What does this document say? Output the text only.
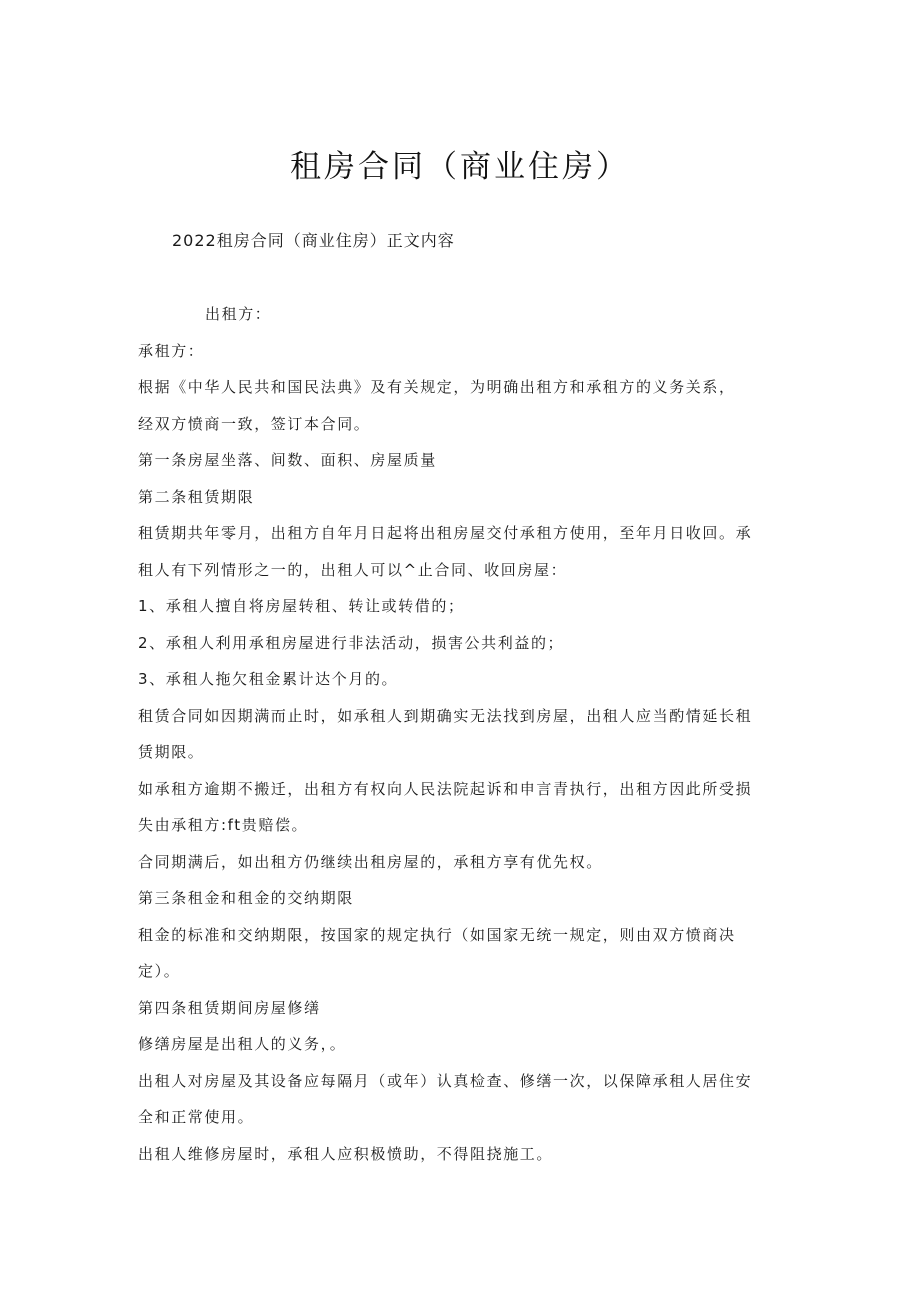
租房合同（商业住房）
2022租房合同（商业住房）正文内容
出租方：
承租方：
根据《中华人民共和国民法典》及有关规定，为明确出租方和承租方的义务关系，
经双方愤商一致，签订本合同。
第一条房屋坐落、间数、面积、房屋质量
第二条租赁期限
租赁期共年零月，出租方自年月日起将出租房屋交付承租方使用，至年月日收回。承
租人有下列情形之一的，出租人可以^止合同、收回房屋：
1、承租人擅自将房屋转租、转让或转借的；
2、承租人利用承租房屋进行非法活动，损害公共利益的；
3、承租人拖欠租金累计达个月的。
租赁合同如因期满而止时，如承租人到期确实无法找到房屋，出租人应当酌情延长租
赁期限。
如承租方逾期不搬迁，出租方有权向人民法院起诉和申言青执行，出租方因此所受损
失由承租方:ft贵赔偿。
合同期满后，如出租方仍继续出租房屋的，承租方享有优先权。
第三条租金和租金的交纳期限
租金的标准和交纳期限，按国家的规定执行（如国家无统一规定，则由双方愤商决
定）。
第四条租赁期间房屋修缮
修缮房屋是出租人的义务，。
出租人对房屋及其设备应每隔月（或年）认真检查、修缮一次，以保障承租人居住安
全和正常使用。
出租人维修房屋时，承租人应积极愤助，不得阻挠施工。
